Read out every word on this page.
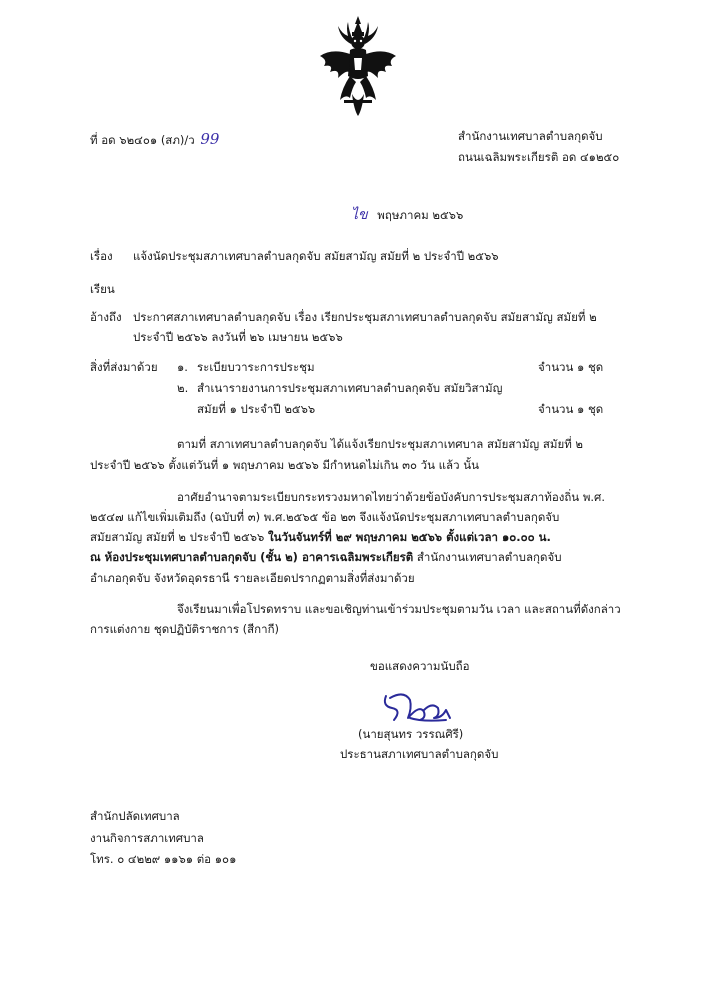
ที่ อด ๖๒๔๐๑ (สภ)/ว 99	สำนักงานเทศบาลตำบลกุดจับ
ถนนเฉลิมพระเกียรติ อด ๔๑๒๕๐
ไข พฤษภาคม ๒๕๖๖
เรื่อง แจ้งนัดประชุมสภาเทศบาลตำบลกุดจับ สมัยสามัญ สมัยที่ ๒ ประจำปี ๒๕๖๖
เรียน
อ้างถึง ประกาศสภาเทศบาลตำบลกุดจับ เรื่อง เรียกประชุมสภาเทศบาลตำบลกุดจับ สมัยสามัญ สมัยที่ ๒
ประจำปี ๒๕๖๖ ลงวันที่ ๒๖ เมษายน ๒๕๖๖
สิ่งที่ส่งมาด้วย ๑. ระเบียบวาระการประชุม	จำนวน ๑ ชุด
๒. สำเนารายงานการประชุมสภาเทศบาลตำบลกุดจับ สมัยวิสามัญ
สมัยที่ ๑ ประจำปี ๒๕๖๖	จำนวน ๑ ชุด
ตามที่ สภาเทศบาลตำบลกุดจับ ได้แจ้งเรียกประชุมสภาเทศบาล สมัยสามัญ สมัยที่ ๒
ประจำปี ๒๕๖๖ ตั้งแต่วันที่ ๑ พฤษภาคม ๒๕๖๖ มีกำหนดไม่เกิน ๓๐ วัน แล้ว นั้น
อาศัยอำนาจตามระเบียบกระทรวงมหาดไทยว่าด้วยข้อบังคับการประชุมสภาท้องถิ่น พ.ศ.
๒๕๔๗ แก้ไขเพิ่มเติมถึง (ฉบับที่ ๓) พ.ศ.๒๕๖๕ ข้อ ๒๓ จึงแจ้งนัดประชุมสภาเทศบาลตำบลกุดจับ
สมัยสามัญ สมัยที่ ๒ ประจำปี ๒๕๖๖ ในวันจันทร์ที่ ๒๙ พฤษภาคม ๒๕๖๖ ตั้งแต่เวลา ๑๐.๐๐ น.
ณ ห้องประชุมเทศบาลตำบลกุดจับ (ชั้น ๒) อาคารเฉลิมพระเกียรติ สำนักงานเทศบาลตำบลกุดจับ
อำเภอกุดจับ จังหวัดอุดรธานี รายละเอียดปรากฏตามสิ่งที่ส่งมาด้วย
จึงเรียนมาเพื่อโปรดทราบ และขอเชิญท่านเข้าร่วมประชุมตามวัน เวลา และสถานที่ดังกล่าว
การแต่งกาย ชุดปฏิบัติราชการ (สีกากี)
ขอแสดงความนับถือ
(นายสุนทร วรรณศิรี)
ประธานสภาเทศบาลตำบลกุดจับ
สำนักปลัดเทศบาล
งานกิจการสภาเทศบาล
โทร. ๐ ๔๒๒๙ ๑๑๖๑ ต่อ ๑๐๑
